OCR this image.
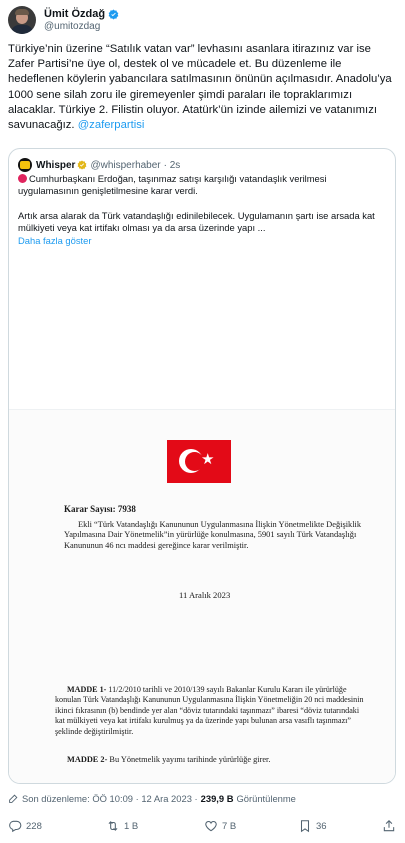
Ümit Özdağ
@umitozdag
Türkiye’nin üzerine “Satılık vatan var” levhasını asanlara itirazınız var ise Zafer Partisi’ne üye ol, destek ol ve mücadele et. Bu düzenleme ile hedeflenen köylerin yabancılara satılmasının önünün açılmasıdır. Anadolu’ya 1000 sene silah zoru ile giremeyenler şimdi paraları ile topraklarımızı alacaklar. Türkiye 2. Filistin oluyor. Atatürk’ün izinde ailemizi ve vatanımızı savunacağız. @zaferpartisi
Whisper @whisperhaber · 2s
Cumhurbaşkanı Erdoğan, taşınmaz satışı karşılığı vatandaşlık verilmesi uygulamasının genişletilmesine karar verdi.
Artık arsa alarak da Türk vatandaşlığı edinilebilecek. Uygulamanın şartı ise arsada kat mülkiyeti veya kat irtifakı olması ya da arsa üzerinde yapı ...
Daha fazla göster
★
Karar Sayısı: 7938
Ekli “Türk Vatandaşlığı Kanununun Uygulanmasına İlişkin Yönetmelikte Değişiklik Yapılmasına Dair Yönetmelik”in yürürlüğe konulmasına, 5901 sayılı Türk Vatandaşlığı Kanununun 46 ncı maddesi gereğince karar verilmiştir.
11 Aralık 2023
MADDE 1- 11/2/2010 tarihli ve 2010/139 sayılı Bakanlar Kurulu Kararı ile yürürlüğe konulan Türk Vatandaşlığı Kanununun Uygulanmasına İlişkin Yönetmeliğin 20 nci maddesinin ikinci fıkrasının (b) bendinde yer alan “döviz tutarındaki taşınmazı” ibaresi “döviz tutarındaki kat mülkiyeti veya kat irtifakı kurulmuş ya da üzerinde yapı bulunan arsa vasıflı taşınmazı” şeklinde değiştirilmiştir.
MADDE 2- Bu Yönetmelik yayımı tarihinde yürürlüğe girer.
Son düzenleme: ÖÖ 10:09 · 12 Ara 2023 · 239,9 B Görüntülenme
228	1 B	7 B	36
